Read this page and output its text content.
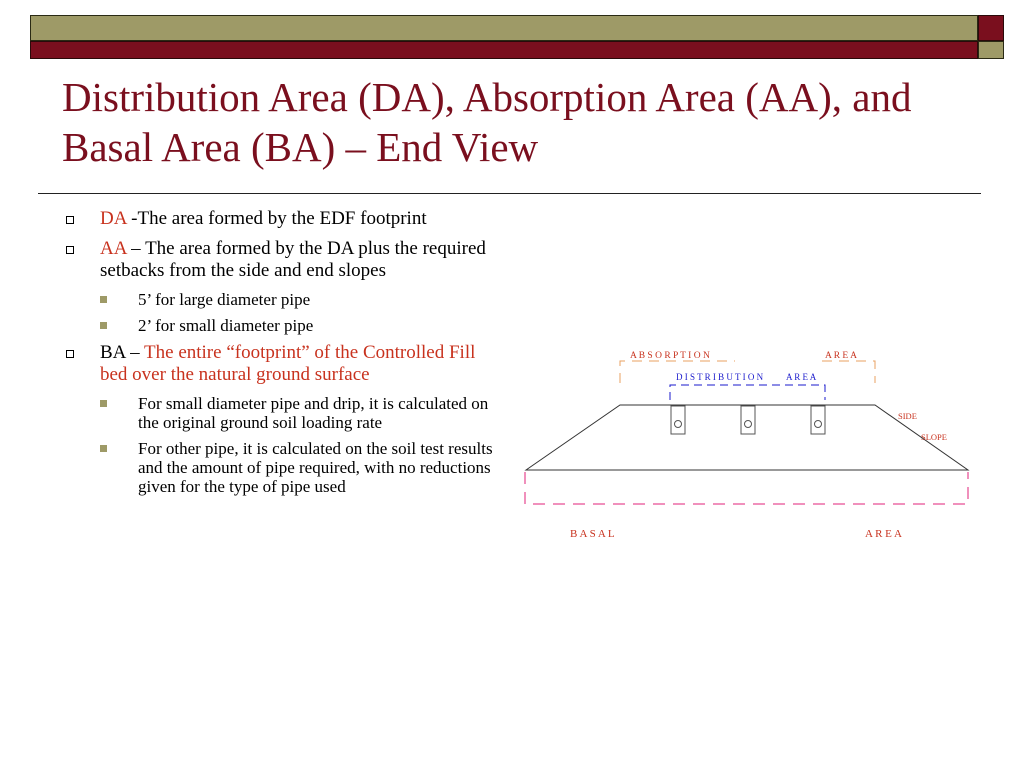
Distribution Area (DA), Absorption Area (AA), and Basal Area (BA) – End View
DA -The area formed by the EDF footprint
AA – The area formed by the DA plus the required setbacks from the side and end slopes
5’ for large diameter pipe
2’ for small diameter pipe
BA – The entire “footprint” of the Controlled Fill bed over the natural ground surface
For small diameter pipe and drip, it is calculated on the original ground soil loading rate
For other pipe, it is calculated on the soil test results and the amount of pipe required, with no reductions given for the type of pipe used
A B S O R P T I O N	A R E A
D I S T R I B U T I O N	A R E A
SIDE
SLOPE
B A S A L	A R E A
